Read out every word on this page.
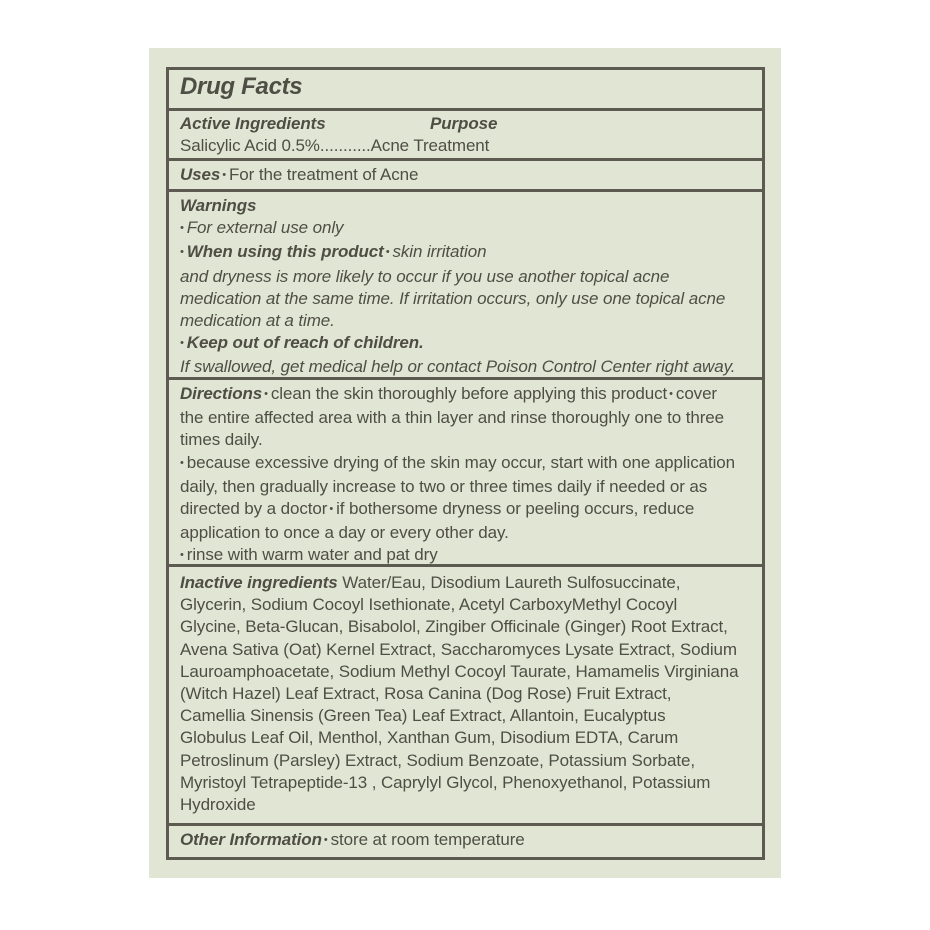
Drug Facts
Active Ingredients	Purpose
Salicylic Acid 0.5%...........Acne Treatment
Uses • For the treatment of Acne
Warnings
• For external use only
• When using this product • skin irritation
and dryness is more likely to occur if you use another topical acne
medication at the same time. If irritation occurs, only use one topical acne
medication at a time.
• Keep out of reach of children.
If swallowed, get medical help or contact Poison Control Center right away.
Directions • clean the skin thoroughly before applying this product • cover
the entire affected area with a thin layer and rinse thoroughly one to three
times daily.
• because excessive drying of the skin may occur, start with one application
daily, then gradually increase to two or three times daily if needed or as
directed by a doctor • if bothersome dryness or peeling occurs, reduce
application to once a day or every other day.
• rinse with warm water and pat dry
Inactive ingredients Water/Eau, Disodium Laureth Sulfosuccinate,
Glycerin, Sodium Cocoyl Isethionate, Acetyl CarboxyMethyl Cocoyl
Glycine, Beta-Glucan, Bisabolol, Zingiber Officinale (Ginger) Root Extract,
Avena Sativa (Oat) Kernel Extract, Saccharomyces Lysate Extract, Sodium
Lauroamphoacetate, Sodium Methyl Cocoyl Taurate, Hamamelis Virginiana
(Witch Hazel) Leaf Extract, Rosa Canina (Dog Rose) Fruit Extract,
Camellia Sinensis (Green Tea) Leaf Extract, Allantoin, Eucalyptus
Globulus Leaf Oil, Menthol, Xanthan Gum, Disodium EDTA, Carum
Petroslinum (Parsley) Extract, Sodium Benzoate, Potassium Sorbate,
Myristoyl Tetrapeptide-13 , Caprylyl Glycol, Phenoxyethanol, Potassium
Hydroxide
Other Information • store at room temperature
